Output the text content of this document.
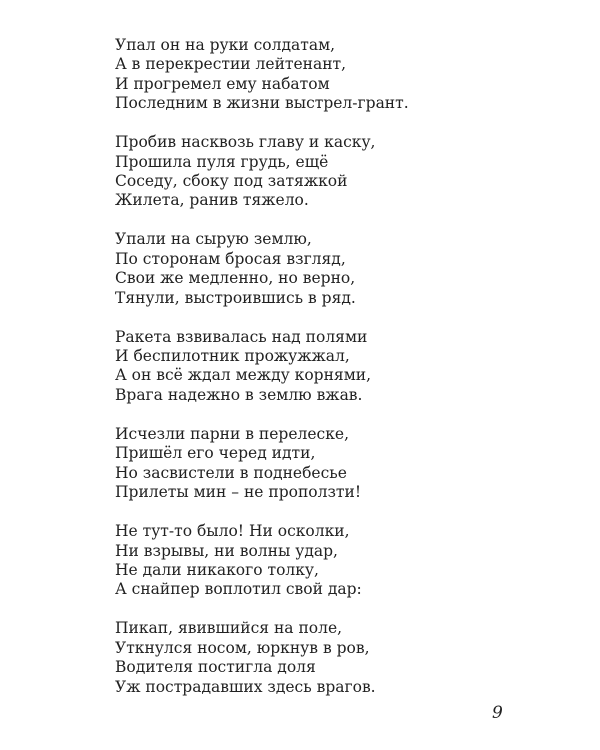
Упал он на руки солдатам,
А в перекрестии лейтенант,
И прогремел ему набатом
Последним в жизни выстрел-грант.
Пробив насквозь главу и каску,
Прошила пуля грудь, ещё
Соседу, сбоку под затяжкой
Жилета, ранив тяжело.
Упали на сырую землю,
По сторонам бросая взгляд,
Свои же медленно, но верно,
Тянули, выстроившись в ряд.
Ракета взвивалась над полями
И беспилотник прожужжал,
А он всё ждал между корнями,
Врага надежно в землю вжав.
Исчезли парни в перелеске,
Пришёл его черед идти,
Но засвистели в поднебесье
Прилеты мин – не проползти!
Не тут-то было! Ни осколки,
Ни взрывы, ни волны удар,
Не дали никакого толку,
А снайпер воплотил свой дар:
Пикап, явившийся на поле,
Уткнулся носом, юркнув в ров,
Водителя постигла доля
Уж пострадавших здесь врагов.
9
